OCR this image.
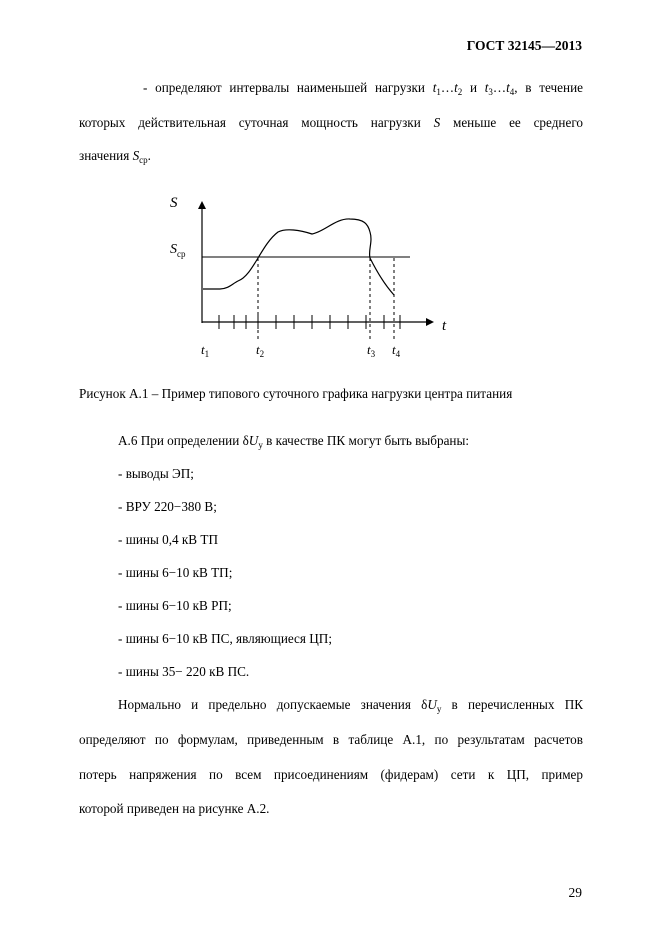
ГОСТ 32145—2013
- определяют интервалы наименьшей нагрузки $t_1\dots t_2$ и $t_3\dots t_4$, в течение
которых действительная суточная мощность нагрузки S меньше ее среднего
значения $S_{ср}$.
S
$S_{ср}$
t
$t_1$	$t_2$	$t_3$ $t_4$
Рисунок А.1 – Пример типового суточного графика нагрузки центра питания
А.6 При определении $\delta U_у$ в качестве ПК могут быть выбраны:
- выводы ЭП;
- ВРУ 220−380 В;
- шины 0,4 кВ ТП
- шины 6−10 кВ ТП;
- шины 6−10 кВ РП;
- шины 6−10 кВ ПС, являющиеся ЦП;
- шины 35− 220 кВ ПС.
Нормально и предельно допускаемые значения $\delta U_у$ в перечисленных ПК
определяют по формулам, приведенным в таблице А.1, по результатам расчетов
потерь напряжения по всем присоединениям (фидерам) сети к ЦП, пример
которой приведен на рисунке А.2.
29
